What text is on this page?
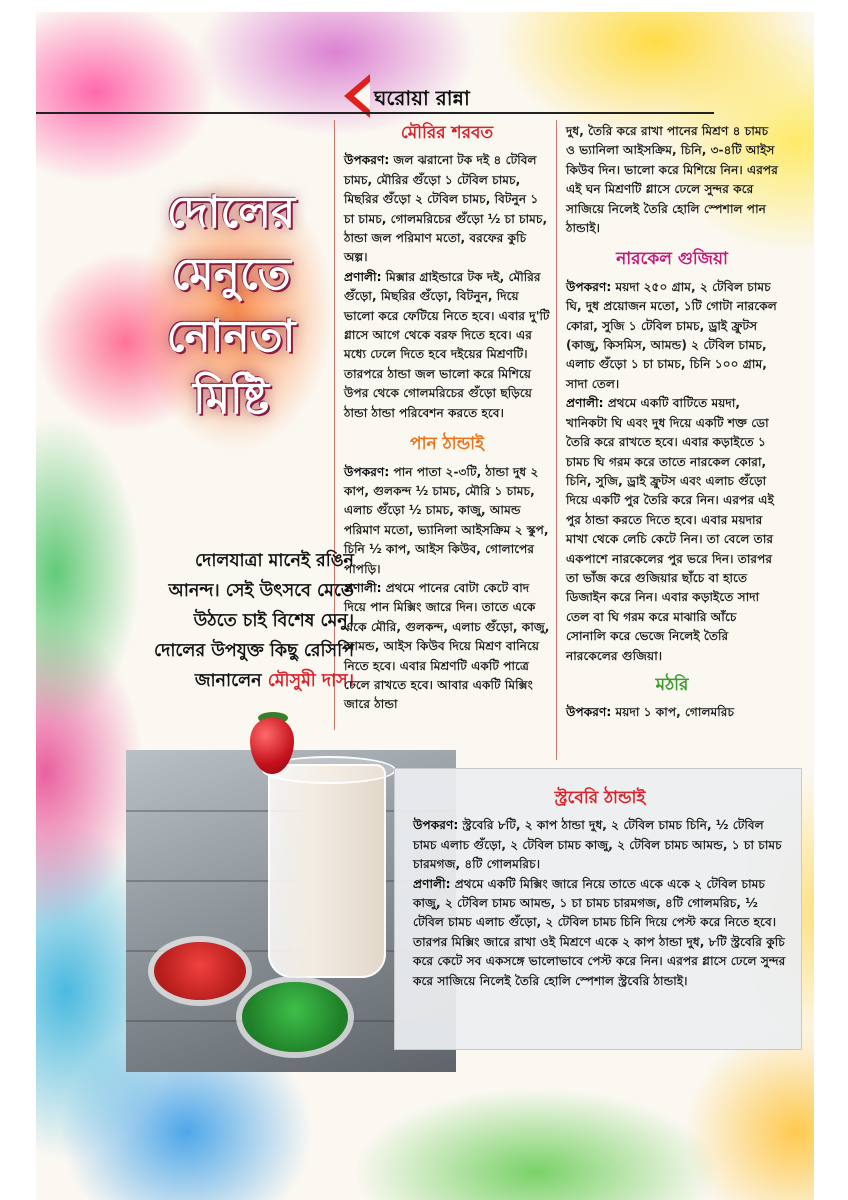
ঘরোয়া রান্না
দোলের
মেনুতে
নোনতা
মিষ্টি
দোলযাত্রা মানেই রঙিন আনন্দ। সেই উৎসবে মেতে উঠতে চাই বিশেষ মেনু। দোলের উপযুক্ত কিছু রেসিপি জানালেন মৌসুমী দাস।
মৌরির শরবত

উপকরণ: জল ঝরানো টক দই ৪ টেবিল চামচ, মৌরির গুঁড়ো ১ টেবিল চামচ, মিছরির গুঁড়ো ২ টেবিল চামচ, বিটনুন ১ চা চামচ, গোলমরিচের গুঁড়ো ½ চা চামচ, ঠান্ডা জল পরিমাণ মতো, বরফের কুচি অল্প।

প্রণালী: মিক্সার গ্রাইন্ডারে টক দই, মৌরির গুঁড়ো, মিছরির গুঁড়ো, বিটনুন, দিয়ে ভালো করে ফেটিয়ে নিতে হবে। এবার দু'টি গ্লাসে আগে থেকে বরফ দিতে হবে। এর মধ্যে ঢেলে দিতে হবে দইয়ের মিশ্রণটি। তারপরে ঠান্ডা জল ভালো করে মিশিয়ে উপর থেকে গোলমরিচের গুঁড়ো ছড়িয়ে ঠান্ডা ঠান্ডা পরিবেশন করতে হবে।

পান ঠান্ডাই

উপকরণ: পান পাতা ২-৩টি, ঠান্ডা দুধ ২ কাপ, গুলকন্দ ½ চামচ, মৌরি ১ চামচ, এলাচ গুঁড়ো ½ চামচ, কাজু, আমন্ড পরিমাণ মতো, ভ্যানিলা আইসক্রিম ২ স্কুপ, চিনি ½ কাপ, আইস কিউব, গোলাপের পাপড়ি।

প্রণালী: প্রথমে পানের বোটা কেটে বাদ দিয়ে পান মিক্সিং জারে দিন। তাতে একে একে মৌরি, গুলকন্দ, এলাচ গুঁড়ো, কাজু, আমন্ড, আইস কিউব দিয়ে মিশ্রণ বানিয়ে নিতে হবে। এবার মিশ্রণটি একটি পাত্রে ঢেলে রাখতে হবে। আবার একটি মিক্সিং জারে ঠান্ডা

দুধ, তৈরি করে রাখা পানের মিশ্রণ ৪ চামচ ও ভ্যানিলা আইসক্রিম, চিনি, ৩-৪টি আইস কিউব দিন। ভালো করে মিশিয়ে নিন। এরপর এই ঘন মিশ্রণটি গ্লাসে ঢেলে সুন্দর করে সাজিয়ে নিলেই তৈরি হোলি স্পেশাল পান ঠান্ডাই।

নারকেল গুজিয়া

উপকরণ: ময়দা ২৫০ গ্রাম, ২ টেবিল চামচ ঘি, দুধ প্রয়োজন মতো, ১টি গোটা নারকেল কোরা, সুজি ১ টেবিল চামচ, ড্রাই ফ্রুটস (কাজু, কিসমিস, আমন্ড) ২ টেবিল চামচ, এলাচ গুঁড়ো ১ চা চামচ, চিনি ১০০ গ্রাম, সাদা তেল।

প্রণালী: প্রথমে একটি বাটিতে ময়দা, খানিকটা ঘি এবং দুধ দিয়ে একটি শক্ত ডো তৈরি করে রাখতে হবে। এবার কড়াইতে ১ চামচ ঘি গরম করে তাতে নারকেল কোরা, চিনি, সুজি, ড্রাই ফ্রুটস এবং এলাচ গুঁড়ো দিয়ে একটি পুর তৈরি করে নিন। এরপর এই পুর ঠান্ডা করতে দিতে হবে। এবার ময়দার মাখা থেকে লেচি কেটে নিন। তা বেলে তার একপাশে নারকেলের পুর ভরে দিন। তারপর তা ভাঁজ করে গুজিয়ার ছাঁচে বা হাতে ডিজাইন করে নিন। এবার কড়াইতে সাদা তেল বা ঘি গরম করে মাঝারি আঁচে সোনালি করে ভেজে নিলেই তৈরি নারকেলের গুজিয়া।

মঠরি

উপকরণ: ময়দা ১ কাপ, গোলমরিচ

স্ট্রবেরি ঠান্ডাই

উপকরণ: স্ট্রবেরি ৮টি, ২ কাপ ঠান্ডা দুধ, ২ টেবিল চামচ চিনি, ½ টেবিল চামচ এলাচ গুঁড়ো, ২ টেবিল চামচ কাজু, ২ টেবিল চামচ আমন্ড, ১ চা চামচ চারমগজ, ৪টি গোলমরিচ।

প্রণালী: প্রথমে একটি মিক্সিং জারে নিয়ে তাতে একে একে ২ টেবিল চামচ কাজু, ২ টেবিল চামচ আমন্ড, ১ চা চামচ চারমগজ, ৪টি গোলমরিচ, ½ টেবিল চামচ এলাচ গুঁড়ো, ২ টেবিল চামচ চিনি দিয়ে পেস্ট করে নিতে হবে। তারপর মিক্সিং জারে রাখা ওই মিশ্রণে একে ২ কাপ ঠান্ডা দুধ, ৮টি স্ট্রবেরি কুচি করে কেটে সব একসঙ্গে ভালোভাবে পেস্ট করে নিন। এরপর গ্লাসে ঢেলে সুন্দর করে সাজিয়ে নিলেই তৈরি হোলি স্পেশাল স্ট্রবেরি ঠান্ডাই।
